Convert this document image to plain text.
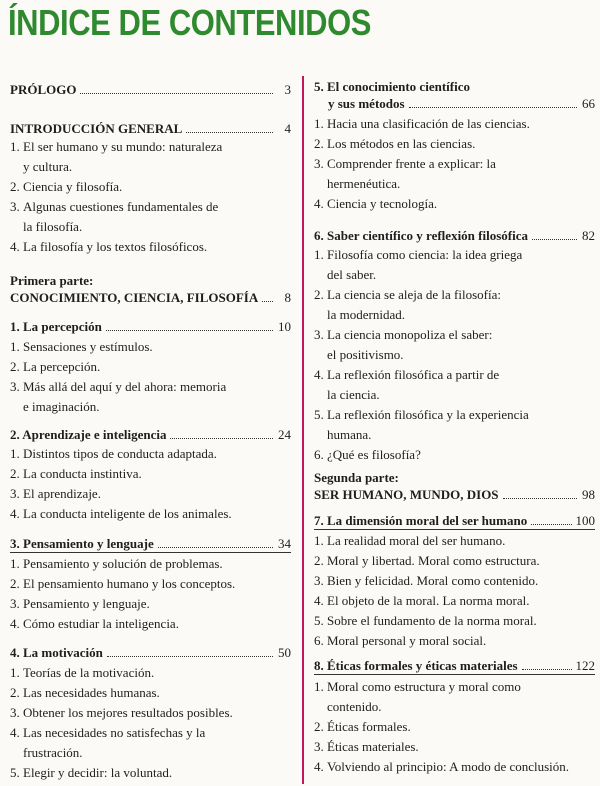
ÍNDICE DE CONTENIDOS
PRÓLOGO	3
INTRODUCCIÓN GENERAL	4
1. El ser humano y su mundo: naturaleza
y cultura.
2. Ciencia y filosofía.
3. Algunas cuestiones fundamentales de
la filosofía.
4. La filosofía y los textos filosóficos.
Primera parte:
CONOCIMIENTO, CIENCIA, FILOSOFÍA	8
1. La percepción	10
1. Sensaciones y estímulos.
2. La percepción.
3. Más allá del aquí y del ahora: memoria
e imaginación.
2. Aprendizaje e inteligencia	24
1. Distintos tipos de conducta adaptada.
2. La conducta instintiva.
3. El aprendizaje.
4. La conducta inteligente de los animales.
3. Pensamiento y lenguaje	34
1. Pensamiento y solución de problemas.
2. El pensamiento humano y los conceptos.
3. Pensamiento y lenguaje.
4. Cómo estudiar la inteligencia.
4. La motivación	50
1. Teorías de la motivación.
2. Las necesidades humanas.
3. Obtener los mejores resultados posibles.
4. Las necesidades no satisfechas y la
frustración.
5. Elegir y decidir: la voluntad.
5. El conocimiento científico
y sus métodos	66
1. Hacia una clasificación de las ciencias.
2. Los métodos en las ciencias.
3. Comprender frente a explicar: la
hermenéutica.
4. Ciencia y tecnología.
6. Saber científico y reflexión filosófica	82
1. Filosofía como ciencia: la idea griega
del saber.
2. La ciencia se aleja de la filosofía:
la modernidad.
3. La ciencia monopoliza el saber:
el positivismo.
4. La reflexión filosófica a partir de
la ciencia.
5. La reflexión filosófica y la experiencia
humana.
6. ¿Qué es filosofía?
Segunda parte:
SER HUMANO, MUNDO, DIOS	98
7. La dimensión moral del ser humano	100
1. La realidad moral del ser humano.
2. Moral y libertad. Moral como estructura.
3. Bien y felicidad. Moral como contenido.
4. El objeto de la moral. La norma moral.
5. Sobre el fundamento de la norma moral.
6. Moral personal y moral social.
8. Éticas formales y éticas materiales	122
1. Moral como estructura y moral como
contenido.
2. Éticas formales.
3. Éticas materiales.
4. Volviendo al principio: A modo de conclusión.
